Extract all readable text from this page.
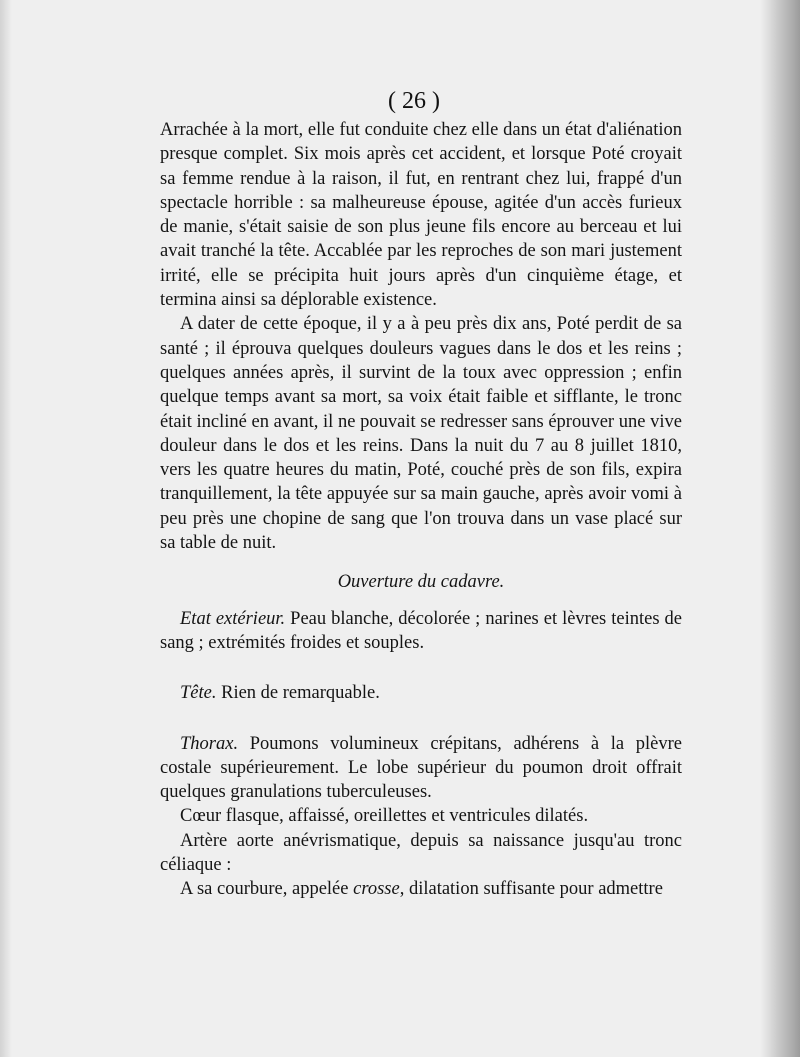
( 26 )

Arrachée à la mort, elle fut conduite chez elle dans un état d'aliénation presque complet. Six mois après cet accident, et lorsque Poté croyait sa femme rendue à la raison, il fut, en rentrant chez lui, frappé d'un spectacle horrible : sa malheureuse épouse, agitée d'un accès furieux de manie, s'était saisie de son plus jeune fils encore au berceau et lui avait tranché la tête. Accablée par les reproches de son mari justement irrité, elle se précipita huit jours après d'un cinquième étage, et termina ainsi sa déplorable existence.

A dater de cette époque, il y a à peu près dix ans, Poté perdit de sa santé ; il éprouva quelques douleurs vagues dans le dos et les reins ; quelques années après, il survint de la toux avec oppression ; enfin quelque temps avant sa mort, sa voix était faible et sifflante, le tronc était incliné en avant, il ne pouvait se redresser sans éprouver une vive douleur dans le dos et les reins. Dans la nuit du 7 au 8 juillet 1810, vers les quatre heures du matin, Poté, couché près de son fils, expira tranquillement, la tête appuyée sur sa main gauche, après avoir vomi à peu près une chopine de sang que l'on trouva dans un vase placé sur sa table de nuit.

Ouverture du cadavre.

Etat extérieur. Peau blanche, décolorée ; narines et lèvres teintes de sang ; extrémités froides et souples.

Tête. Rien de remarquable.

Thorax. Poumons volumineux crépitans, adhérens à la plèvre costale supérieurement. Le lobe supérieur du poumon droit offrait quelques granulations tuberculeuses.

Cœur flasque, affaissé, oreillettes et ventricules dilatés.

Artère aorte anévrismatique, depuis sa naissance jusqu'au tronc céliaque :

A sa courbure, appelée crosse, dilatation suffisante pour admettre
